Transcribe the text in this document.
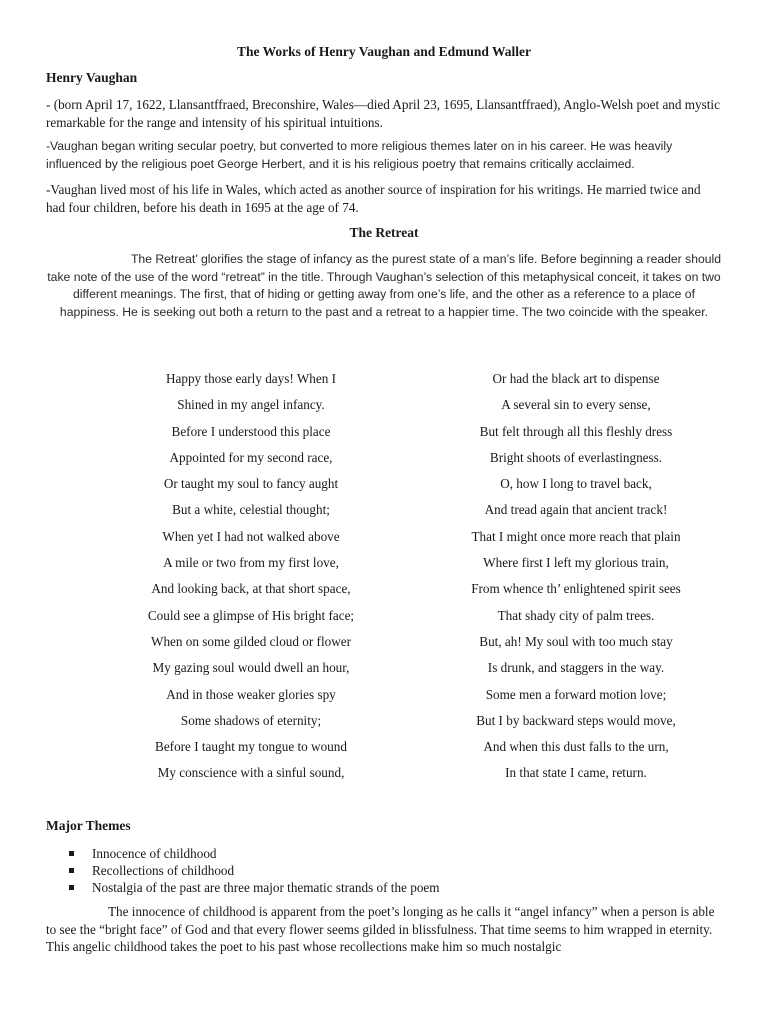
The Works of Henry Vaughan and Edmund Waller
Henry Vaughan

- (born April 17, 1622, Llansantffraed, Breconshire, Wales—died April 23, 1695, Llansantffraed), Anglo-Welsh poet and mystic remarkable for the range and intensity of his spiritual intuitions.

-Vaughan began writing secular poetry, but converted to more religious themes later on in his career. He was heavily influenced by the religious poet George Herbert, and it is his religious poetry that remains critically acclaimed.

-Vaughan lived most of his life in Wales, which acted as another source of inspiration for his writings. He married twice and had four children, before his death in 1695 at the age of 74.

The Retreat
The Retreat’ glorifies the stage of infancy as the purest state of a man’s life. Before beginning a reader should take note of the use of the word “retreat” in the title. Through Vaughan’s selection of this metaphysical conceit, it takes on two different meanings. The first, that of hiding or getting away from one’s life, and the other as a reference to a place of happiness. He is seeking out both a return to the past and a retreat to a happier time. The two coincide with the speaker.
Happy those early days! When I
Shined in my angel infancy.
Before I understood this place
Appointed for my second race,
Or taught my soul to fancy aught
But a white, celestial thought;
When yet I had not walked above
A mile or two from my first love,
And looking back, at that short space,
Could see a glimpse of His bright face;
When on some gilded cloud or flower
My gazing soul would dwell an hour,
And in those weaker glories spy
Some shadows of eternity;
Before I taught my tongue to wound
My conscience with a sinful sound,
Or had the black art to dispense
A several sin to every sense,
But felt through all this fleshly dress
Bright shoots of everlastingness.
O, how I long to travel back,
And tread again that ancient track!
That I might once more reach that plain
Where first I left my glorious train,
From whence th’ enlightened spirit sees
That shady city of palm trees.
But, ah! My soul with too much stay
Is drunk, and staggers in the way.
Some men a forward motion love;
But I by backward steps would move,
And when this dust falls to the urn,
In that state I came, return.
Major Themes
Innocence of childhood
Recollections of childhood
Nostalgia of the past are three major thematic strands of the poem

The innocence of childhood is apparent from the poet’s longing as he calls it “angel infancy” when a person is able to see the “bright face” of God and that every flower seems gilded in blissfulness. That time seems to him wrapped in eternity. This angelic childhood takes the poet to his past whose recollections make him so much nostalgic
